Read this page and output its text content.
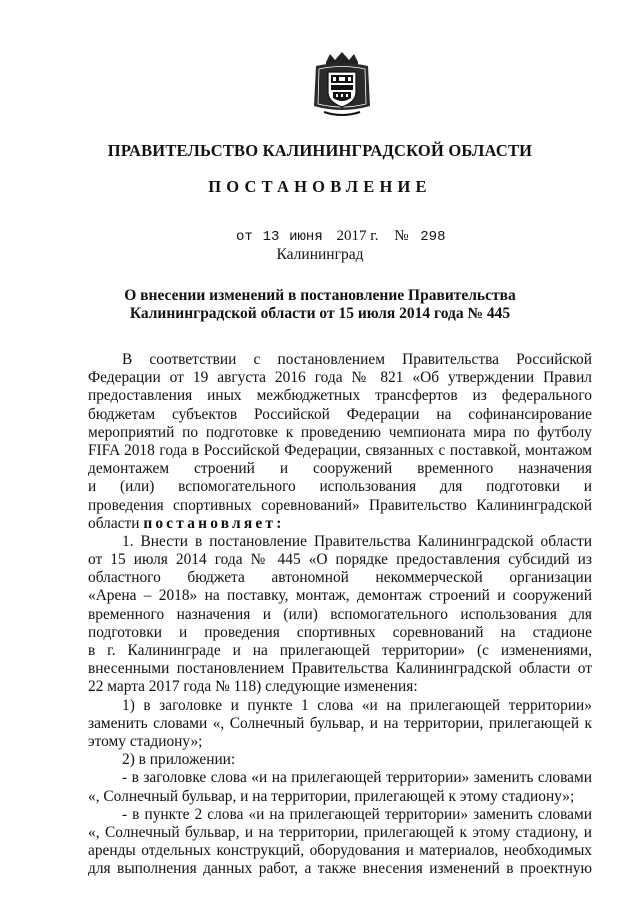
ПРАВИТЕЛЬСТВО КАЛИНИНГРАДСКОЙ ОБЛАСТИ
ПОСТАНОВЛЕНИЕ
от 13 июня 2017 г. № 298
Калининград
О внесении изменений в постановление Правительства
Калининградской области от 15 июля 2014 года № 445
В соответствии с постановлением Правительства Российской
Федерации от 19 августа 2016 года № 821 «Об утверждении Правил
предоставления иных межбюджетных трансфертов из федерального
бюджетам субъектов Российской Федерации на софинансирование
мероприятий по подготовке к проведению чемпионата мира по футболу
FIFA 2018 года в Российской Федерации, связанных с поставкой, монтажом
демонтажем строений и сооружений временного назначения
и (или) вспомогательного использования для подготовки и
проведения спортивных соревнований» Правительство Калининградской
области постановляет:
1. Внести в постановление Правительства Калининградской области
от 15 июля 2014 года № 445 «О порядке предоставления субсидий из
областного бюджета автономной некоммерческой организации
«Арена – 2018» на поставку, монтаж, демонтаж строений и сооружений
временного назначения и (или) вспомогательного использования для
подготовки и проведения спортивных соревнований на стадионе
в г. Калининграде и на прилегающей территории» (с изменениями,
внесенными постановлением Правительства Калининградской области от
22 марта 2017 года № 118) следующие изменения:
1) в заголовке и пункте 1 слова «и на прилегающей территории»
заменить словами «, Солнечный бульвар, и на территории, прилегающей к
этому стадиону»;
2) в приложении:
- в заголовке слова «и на прилегающей территории» заменить словами
«, Солнечный бульвар, и на территории, прилегающей к этому стадиону»;
- в пункте 2 слова «и на прилегающей территории» заменить словами
«, Солнечный бульвар, и на территории, прилегающей к этому стадиону, и
аренды отдельных конструкций, оборудования и материалов, необходимых
для выполнения данных работ, а также внесения изменений в проектную
